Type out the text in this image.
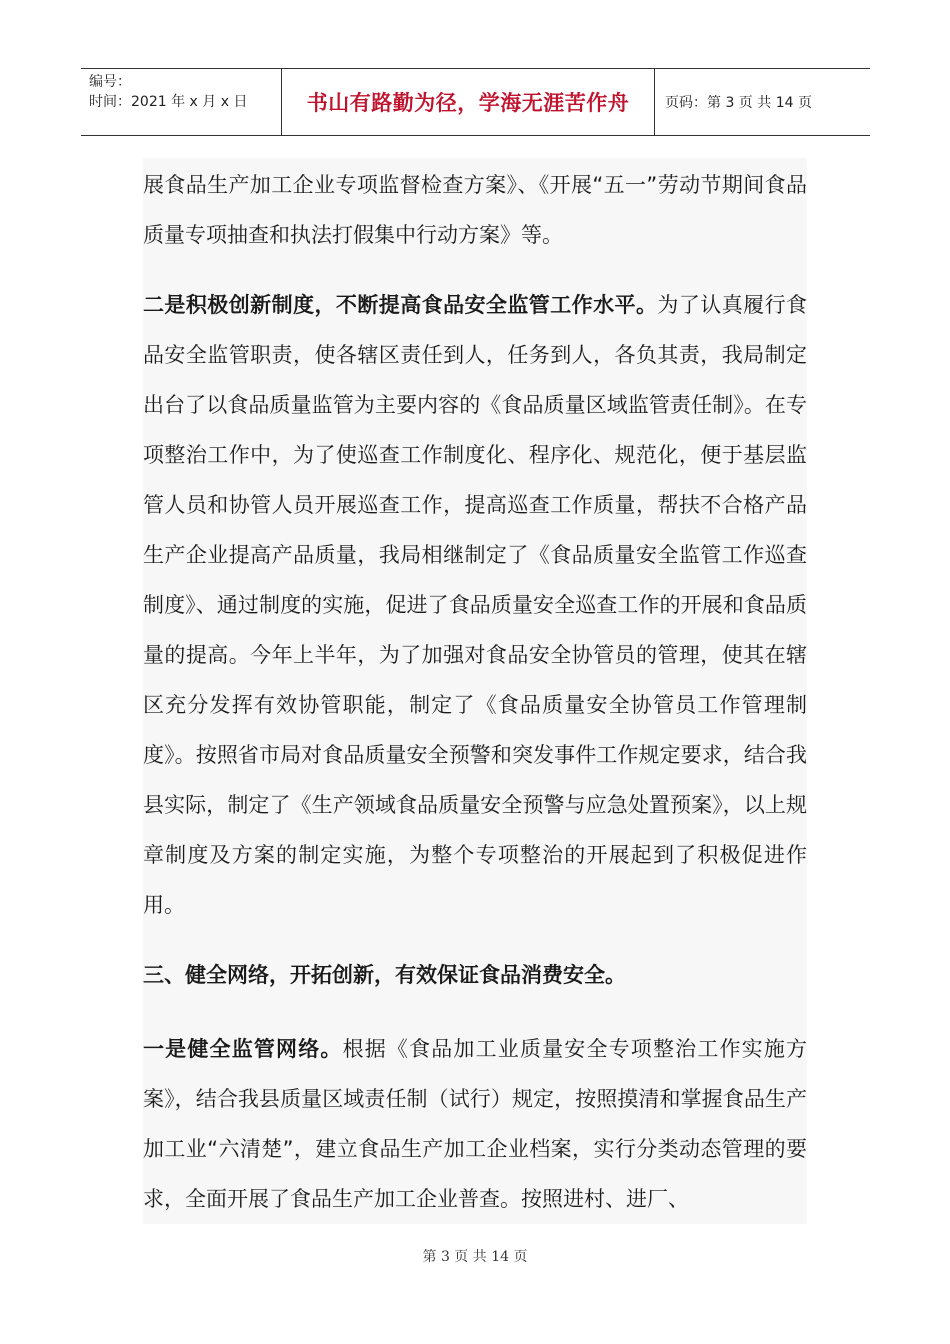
编号：
时间：2021 年 x 月 x 日	书山有路勤为径，学海无涯苦作舟	页码：第 3 页 共 14 页
展食品生产加工企业专项监督检查方案》、《开展“五一”劳动节期间食品质量专项抽查和执法打假集中行动方案》等。
二是积极创新制度，不断提高食品安全监管工作水平。为了认真履行食品安全监管职责，使各辖区责任到人，任务到人，各负其责，我局制定出台了以食品质量监管为主要内容的《食品质量区域监管责任制》。在专项整治工作中，为了使巡查工作制度化、程序化、规范化，便于基层监管人员和协管人员开展巡查工作，提高巡查工作质量，帮扶不合格产品生产企业提高产品质量，我局相继制定了《食品质量安全监管工作巡查制度》、通过制度的实施，促进了食品质量安全巡查工作的开展和食品质量的提高。今年上半年，为了加强对食品安全协管员的管理，使其在辖区充分发挥有效协管职能，制定了《食品质量安全协管员工作管理制度》。按照省市局对食品质量安全预警和突发事件工作规定要求，结合我县实际，制定了《生产领域食品质量安全预警与应急处置预案》，以上规章制度及方案的制定实施，为整个专项整治的开展起到了积极促进作用。
三、健全网络，开拓创新，有效保证食品消费安全。
一是健全监管网络。根据《食品加工业质量安全专项整治工作实施方案》，结合我县质量区域责任制（试行）规定，按照摸清和掌握食品生产加工业“六清楚”，建立食品生产加工企业档案，实行分类动态管理的要求，全面开展了食品生产加工企业普查。按照进村、进厂、
第 3 页 共 14 页
